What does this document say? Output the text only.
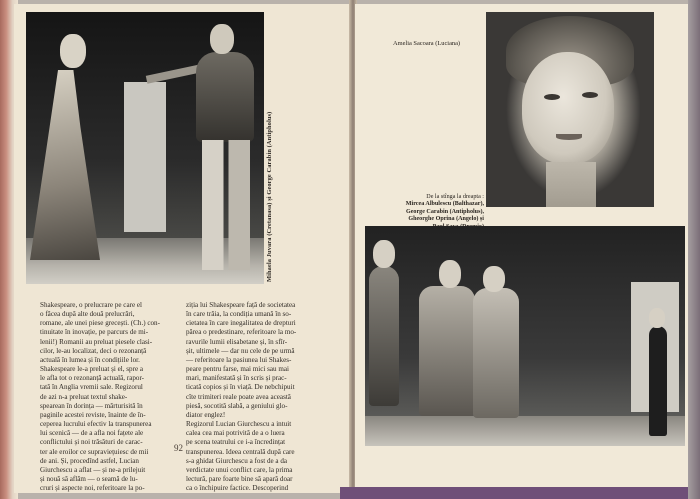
Mihaela Juvara (Cretanasa) și George Carabin (Antipholus)

Shakespeare, o prelucrare pe care el

o făcea după alte două prelucrări,

romane, ale unei piese grecești. (Ch.) con-

tinuitate în inovație, pe parcurs de mi-

lenii!) Romanii au preluat piesele clasi-

cilor, le-au localizat, deci o rezonanță

actuală în lumea și în condițiile lor.

Shakespeare le-a preluat și el, spre a

le afla tot o rezonanță actuală, rapor-

tată în Anglia vremii sale. Regizorul

de azi n-a preluat textul shake-

spearean în dorința — mărturisită în

paginile acestei reviste, înainte de în-

ceperea lucrului efectiv la transpunerea

lui scenică — de a afla noi fațete ale

conflictului și noi trăsături de carac-

ter ale eroilor ce supraviețuiesc de mii

de ani. Și, procedînd astfel, Lucian

Giurchescu a aflat — și ne-a prilejuit

și nouă să aflăm — o seamă de lu-

cruri și aspecte noi, referitoare la po-

ziția lui Shakespeare față de societatea

în care trăia, la condiția umană în so-

cietatea în care inegalitatea de drepturi

părea o predestinare, referitoare la mo-

ravurile lumii elisabetane și, în sfîr-

șit, ultimele — dar nu cele de pe urmă

— referitoare la pasiunea lui Shakes-

peare pentru farse, mai mici sau mai

mari, manifestată și în scris și prac-

ticată copios și în viață. De nebchipuit

cîte trimiteri reale poate avea această

piesă, socotită slabă, a geniului glo-

diator englez!

Regizorul Lucian Giurchescu a intuit

calea cea mai potrivită de a o luera

pe scena teatrului ce i-a încredințat

transpunerea. Ideea centrală după care

s-a ghidat Giurchescu a fost de a da

verdictate unui conflict care, la prima

lectură, pare foarte bine să apară doar

ca o închipuire factice. Descoperind

92
Amelia Sacoara (Luciana)

De la stînga la dreapta :

Mircea Albulescu (Balthazar),

George Carabin (Antipholus),

Gheorghe Oprina (Angelo) și
